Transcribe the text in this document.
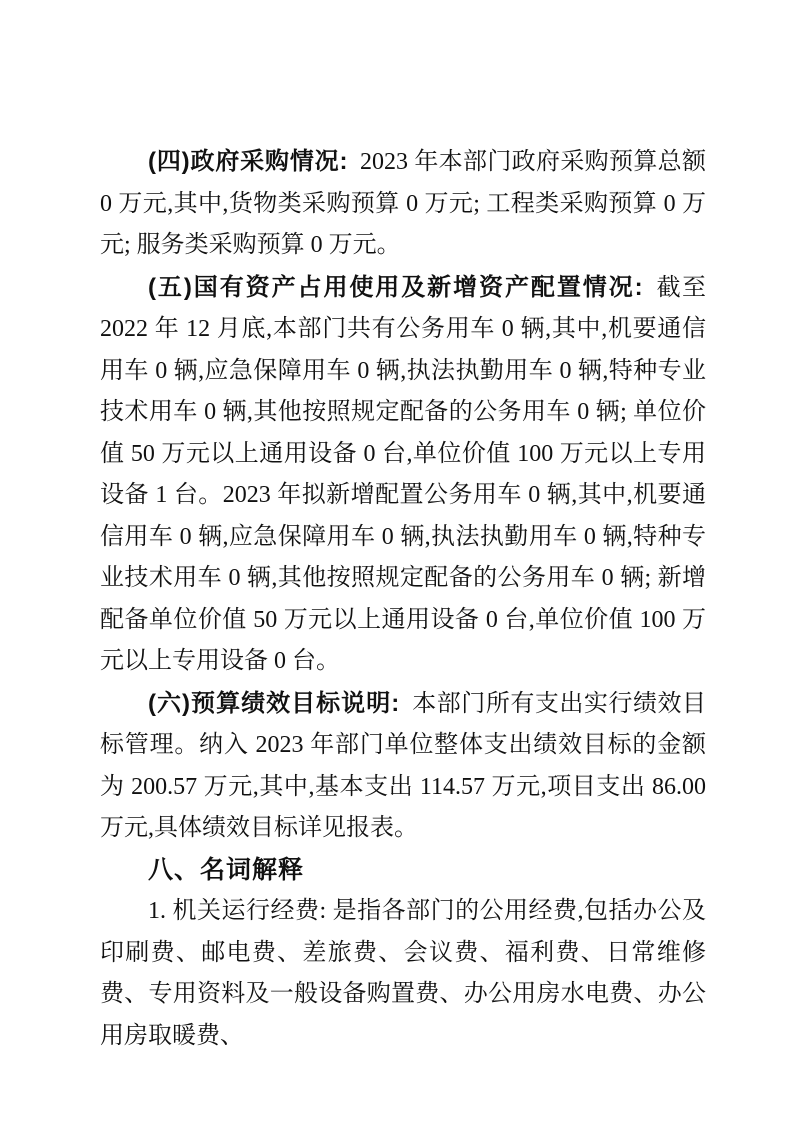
(四)政府采购情况: 2023 年本部门政府采购预算总额 0 万元,其中,货物类采购预算 0 万元; 工程类采购预算 0 万元; 服务类采购预算 0 万元。

(五)国有资产占用使用及新增资产配置情况: 截至 2022 年 12 月底,本部门共有公务用车 0 辆,其中,机要通信用车 0 辆,应急保障用车 0 辆,执法执勤用车 0 辆,特种专业技术用车 0 辆,其他按照规定配备的公务用车 0 辆; 单位价值 50 万元以上通用设备 0 台,单位价值 100 万元以上专用设备 1 台。2023 年拟新增配置公务用车 0 辆,其中,机要通信用车 0 辆,应急保障用车 0 辆,执法执勤用车 0 辆,特种专业技术用车 0 辆,其他按照规定配备的公务用车 0 辆; 新增配备单位价值 50 万元以上通用设备 0 台,单位价值 100 万元以上专用设备 0 台。

(六)预算绩效目标说明: 本部门所有支出实行绩效目标管理。纳入 2023 年部门单位整体支出绩效目标的金额为 200.57 万元,其中,基本支出 114.57 万元,项目支出 86.00 万元,具体绩效目标详见报表。

八、名词解释

1. 机关运行经费: 是指各部门的公用经费,包括办公及印刷费、邮电费、差旅费、会议费、福利费、日常维修费、专用资料及一般设备购置费、办公用房水电费、办公用房取暖费、
